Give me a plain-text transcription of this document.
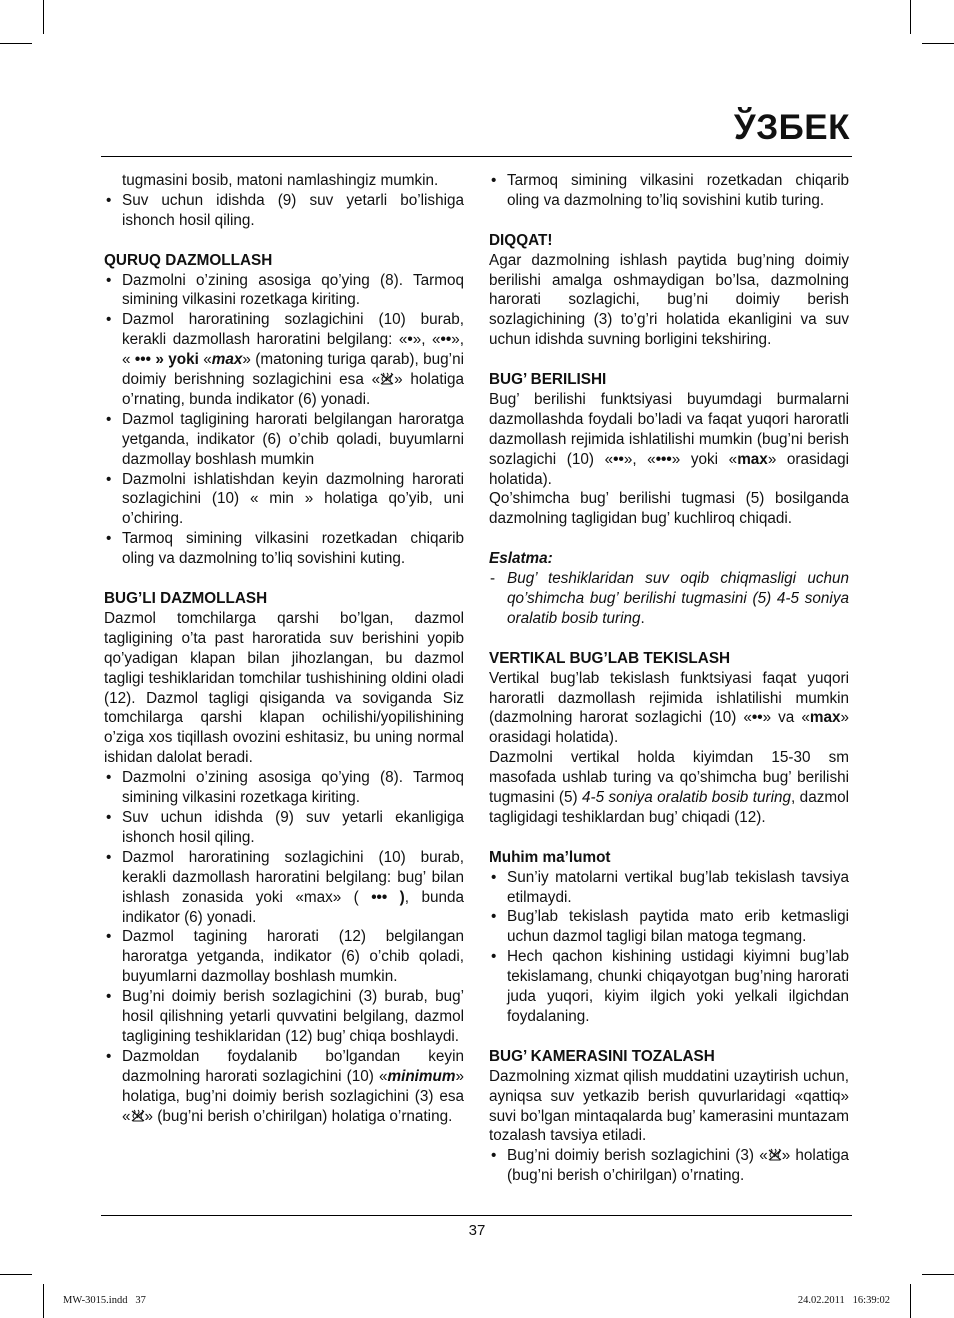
ЎЗБЕК
tugmasini bosib, matoni namlashingiz mumkin.
• Suv uchun idishda (9) suv yetarli bo’lishiga ishonch hosil qiling.
QURUQ DAZMOLLASH
• Dazmolni o’zining asosiga qo’ying (8). Tarmoq simining vilkasini rozetkaga kiriting.
• Dazmol haroratining sozlagichini (10) burab, kerakli dazmollash haroratini belgilang: «•», «••», « ••• » yoki «max» (matoning turiga qarab), bug’ni doimiy berishning sozlagichini esa « » holatiga o’rnating, bunda indikator (6) yonadi.
• Dazmol tagligining harorati belgilangan haroratga yetganda, indikator (6) o’chib qoladi, buyumlarni dazmollay boshlash mumkin
• Dazmolni ishlatishdan keyin dazmolning harorati sozlagichini (10) « min » holatiga qo’yib, uni o’chiring.
• Tarmoq simining vilkasini rozetkadan chiqarib oling va dazmolning to’liq sovishini kuting.
BUG’LI DAZMOLLASH

Dazmol tomchilarga qarshi bo’lgan, dazmol tagligining o’ta past haroratida suv berishini yopib qo’yadigan klapan bilan jihozlangan, bu dazmol tagligi teshiklaridan tomchilar tushishining oldini oladi (12). Dazmol tagligi qisiganda va soviganda Siz tomchilarga qarshi klapan ochilishi/yopilishining o’ziga xos tiqillash ovozini eshitasiz, bu uning normal ishidan dalolat beradi.

• Dazmolni o’zining asosiga qo’ying (8). Tarmoq simining vilkasini rozetkaga kiriting.
• Suv uchun idishda (9) suv yetarli ekanligiga ishonch hosil qiling.
• Dazmol haroratining sozlagichini (10) burab, kerakli dazmollash haroratini belgilang: bug’ bilan ishlash zonasida yoki «max» ( ••• ), bunda indikator (6) yonadi.
• Dazmol tagining harorati (12) belgilangan haroratga yetganda, indikator (6) o’chib qoladi, buyumlarni dazmollay boshlash mumkin.
• Bug’ni doimiy berish sozlagichini (3) burab, bug’ hosil qilishning yetarli quvvatini belgilang, dazmol tagligining teshiklaridan (12) bug’ chiqa boshlaydi.
• Dazmoldan foydalanib bo’lgandan keyin dazmolning harorati sozlagichini (10) «minimum» holatiga, bug’ni doimiy berish sozlagichini (3) esa « » (bug’ni berish o’chirilgan) holatiga o’rnating.
• Tarmoq simining vilkasini rozetkadan chiqarib oling va dazmolning to’liq sovishini kutib turing.
DIQQAT!

Agar dazmolning ishlash paytida bug’ning doimiy berilishi amalga oshmaydigan bo’lsa, dazmolning harorati sozlagichi, bug’ni doimiy berish sozlagichining (3) to’g’ri holatida ekanligini va suv uchun idishda suvning borligini tekshiring.

BUG’ BERILISHI

Bug’ berilishi funktsiyasi buyumdagi burmalarni dazmollashda foydali bo’ladi va faqat yuqori haroratli dazmollash rejimida ishlatilishi mumkin (bug’ni berish sozlagichi (10) «••», «•••» yoki «max» orasidagi holatida).

Qo’shimcha bug’ berilishi tugmasi (5) bosilganda dazmolning tagligidan bug’ kuchliroq chiqadi.

Eslatma:
- Bug’ teshiklaridan suv oqib chiqmasligi uchun qo’shimcha bug’ berilishi tugmasini (5) 4-5 soniya oralatib bosib turing.
VERTIKAL BUG’LAB TEKISLASH

Vertikal bug’lab tekislash funktsiyasi faqat yuqori haroratli dazmollash rejimida ishlatilishi mumkin (dazmolning harorat sozlagichi (10) «••» va «max» orasidagi holatida).

Dazmolni vertikal holda kiyimdan 15-30 sm masofada ushlab turing va qo’shimcha bug’ berilishi tugmasini (5) 4-5 soniya oralatib bosib turing, dazmol tagligidagi teshiklardan bug’ chiqadi (12).

Muhim ma’lumot
• Sun’iy matolarni vertikal bug’lab tekislash tavsiya etilmaydi.
• Bug’lab tekislash paytida mato erib ketmasligi uchun dazmol tagligi bilan matoga tegmang.
• Hech qachon kishining ustidagi kiyimni bug’lab tekislamang, chunki chiqayotgan bug’ning harorati juda yuqori, kiyim ilgich yoki yelkali ilgichdan foydalaning.
BUG’ KAMERASINI TOZALASH

Dazmolning xizmat qilish muddatini uzaytirish uchun, ayniqsa suv yetkazib berish quvurlaridagi «qattiq» suvi bo’lgan mintaqalarda bug’ kamerasini muntazam tozalash tavsiya etiladi.

• Bug’ni doimiy berish sozlagichini (3) « » holatiga (bug’ni berish o’chirilgan) o’rnating.
37
MW-3015.indd   37	24.02.2011   16:39:02
